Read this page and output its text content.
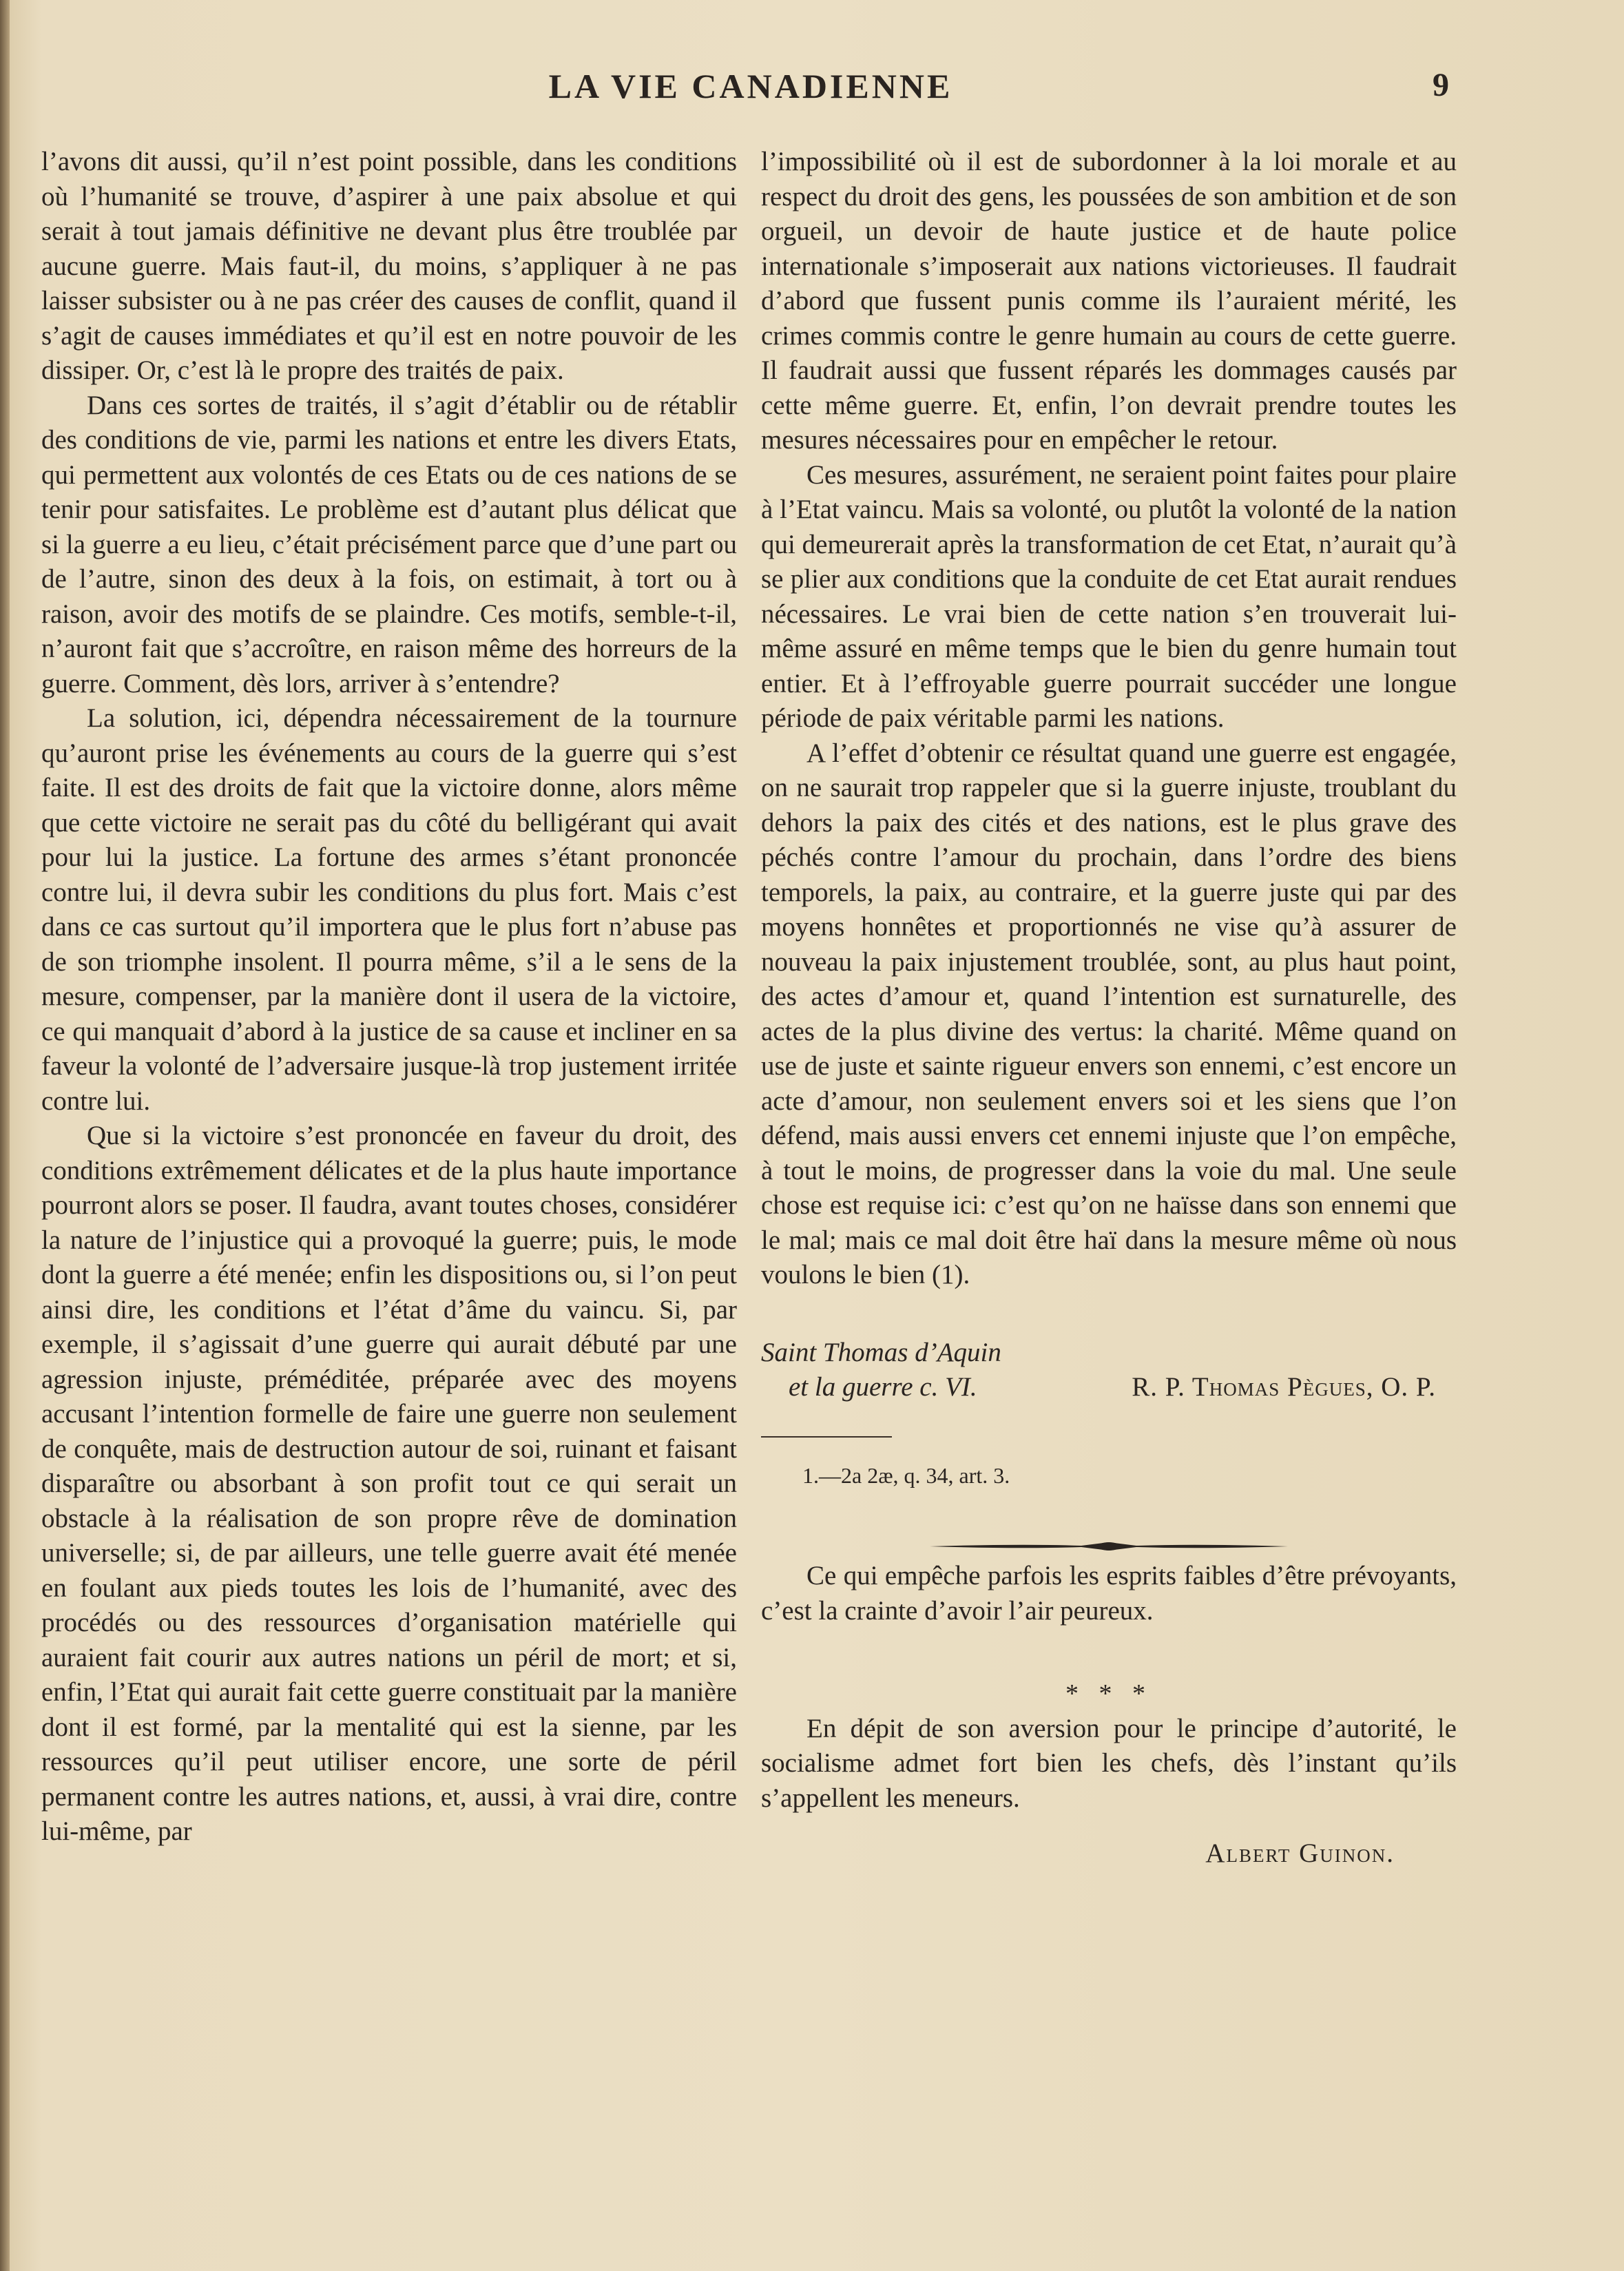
LA VIE CANADIENNE	9

l’avons dit aussi, qu’il n’est point possible, dans les conditions où l’humanité se trouve, d’aspirer à une paix absolue et qui serait à tout jamais définitive ne devant plus être troublée par aucune guerre. Mais faut-il, du moins, s’appliquer à ne pas laisser subsister ou à ne pas créer des causes de conflit, quand il s’agit de causes immédiates et qu’il est en notre pouvoir de les dissiper. Or, c’est là le propre des traités de paix.

Dans ces sortes de traités, il s’agit d’établir ou de rétablir des conditions de vie, parmi les nations et entre les divers Etats, qui permettent aux volontés de ces Etats ou de ces nations de se tenir pour satisfaites. Le problème est d’autant plus délicat que si la guerre a eu lieu, c’était précisément parce que d’une part ou de l’autre, sinon des deux à la fois, on estimait, à tort ou à raison, avoir des motifs de se plaindre. Ces motifs, semble-t-il, n’auront fait que s’accroître, en raison même des horreurs de la guerre. Comment, dès lors, arriver à s’entendre?

La solution, ici, dépendra nécessairement de la tournure qu’auront prise les événements au cours de la guerre qui s’est faite. Il est des droits de fait que la victoire donne, alors même que cette victoire ne serait pas du côté du belligérant qui avait pour lui la justice. La fortune des armes s’étant prononcée contre lui, il devra subir les conditions du plus fort. Mais c’est dans ce cas surtout qu’il importera que le plus fort n’abuse pas de son triomphe insolent. Il pourra même, s’il a le sens de la mesure, compenser, par la manière dont il usera de la victoire, ce qui manquait d’abord à la justice de sa cause et incliner en sa faveur la volonté de l’adversaire jusque-là trop justement irritée contre lui.

Que si la victoire s’est prononcée en faveur du droit, des conditions extrêmement délicates et de la plus haute importance pourront alors se poser. Il faudra, avant toutes choses, considérer la nature de l’injustice qui a provoqué la guerre; puis, le mode dont la guerre a été menée; enfin les dispositions ou, si l’on peut ainsi dire, les conditions et l’état d’âme du vaincu. Si, par exemple, il s’agissait d’une guerre qui aurait débuté par une agression injuste, préméditée, préparée avec des moyens accusant l’intention formelle de faire une guerre non seulement de conquête, mais de destruction autour de soi, ruinant et faisant disparaître ou absorbant à son profit tout ce qui serait un obstacle à la réalisation de son propre rêve de domination universelle; si, de par ailleurs, une telle guerre avait été menée en foulant aux pieds toutes les lois de l’humanité, avec des procédés ou des ressources d’organisation matérielle qui auraient fait courir aux autres nations un péril de mort; et si, enfin, l’Etat qui aurait fait cette guerre constituait par la manière dont il est formé, par la mentalité qui est la sienne, par les ressources qu’il peut utiliser encore, une sorte de péril permanent contre les autres nations, et, aussi, à vrai dire, contre lui-même, par

l’impossibilité où il est de subordonner à la loi morale et au respect du droit des gens, les poussées de son ambition et de son orgueil, un devoir de haute justice et de haute police internationale s’imposerait aux nations victorieuses. Il faudrait d’abord que fussent punis comme ils l’auraient mérité, les crimes commis contre le genre humain au cours de cette guerre. Il faudrait aussi que fussent réparés les dommages causés par cette même guerre. Et, enfin, l’on devrait prendre toutes les mesures nécessaires pour en empêcher le retour.

Ces mesures, assurément, ne seraient point faites pour plaire à l’Etat vaincu. Mais sa volonté, ou plutôt la volonté de la nation qui demeurerait après la transformation de cet Etat, n’aurait qu’à se plier aux conditions que la conduite de cet Etat aurait rendues nécessaires. Le vrai bien de cette nation s’en trouverait lui-même assuré en même temps que le bien du genre humain tout entier. Et à l’effroyable guerre pourrait succéder une longue période de paix véritable parmi les nations.

A l’effet d’obtenir ce résultat quand une guerre est engagée, on ne saurait trop rappeler que si la guerre injuste, troublant du dehors la paix des cités et des nations, est le plus grave des péchés contre l’amour du prochain, dans l’ordre des biens temporels, la paix, au contraire, et la guerre juste qui par des moyens honnêtes et proportionnés ne vise qu’à assurer de nouveau la paix injustement troublée, sont, au plus haut point, des actes d’amour et, quand l’intention est surnaturelle, des actes de la plus divine des vertus: la charité. Même quand on use de juste et sainte rigueur envers son ennemi, c’est encore un acte d’amour, non seulement envers soi et les siens que l’on défend, mais aussi envers cet ennemi injuste que l’on empêche, à tout le moins, de progresser dans la voie du mal. Une seule chose est requise ici: c’est qu’on ne haïsse dans son ennemi que le mal; mais ce mal doit être haï dans la mesure même où nous voulons le bien (1).

Saint Thomas d’Aquin
et la guerre c. VI.	R. P. Thomas Pègues, O. P.
1.—2a 2æ, q. 34, art. 3.

Ce qui empêche parfois les esprits faibles d’être prévoyants, c’est la crainte d’avoir l’air peureux.

* * *

En dépit de son aversion pour le principe d’autorité, le socialisme admet fort bien les chefs, dès l’instant qu’ils s’appellent les meneurs.

Albert Guinon.
